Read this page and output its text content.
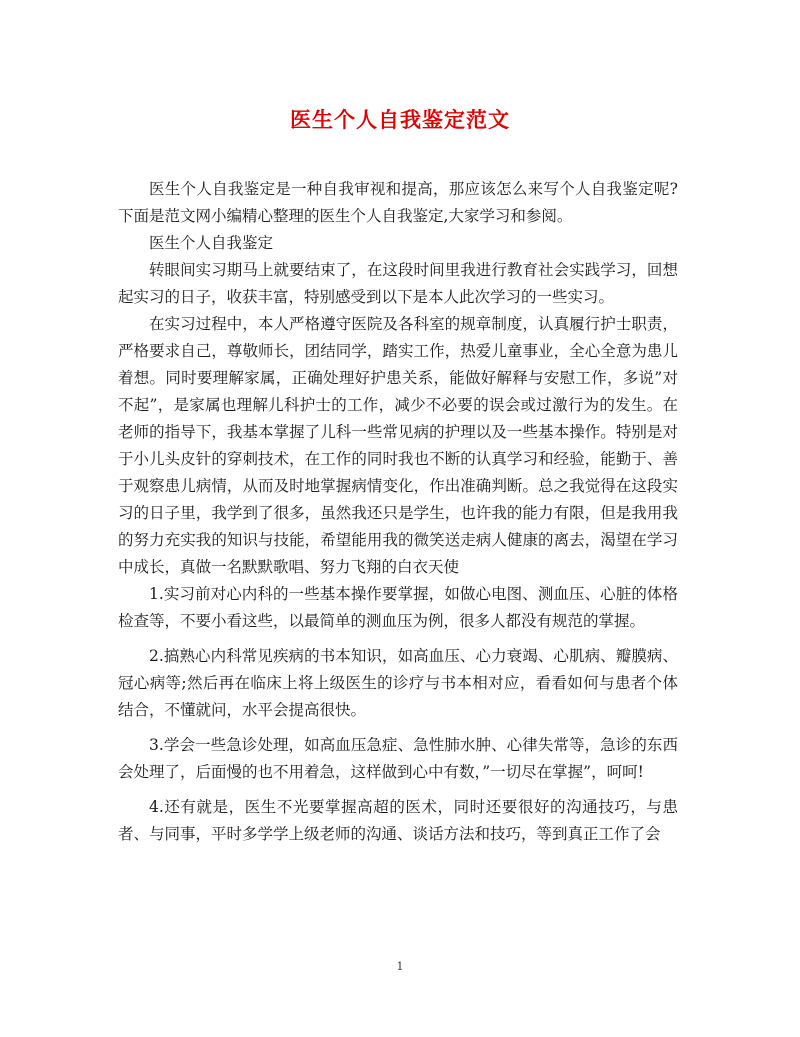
医生个人自我鉴定范文

医生个人自我鉴定是一种自我审视和提高，那应该怎么来写个人自我鉴定呢?下面是范文网小编精心整理的医生个人自我鉴定,大家学习和参阅。

医生个人自我鉴定

转眼间实习期马上就要结束了，在这段时间里我进行教育社会实践学习，回想起实习的日子，收获丰富，特别感受到以下是本人此次学习的一些实习。

在实习过程中，本人严格遵守医院及各科室的规章制度，认真履行护士职责，严格要求自己，尊敬师长，团结同学，踏实工作，热爱儿童事业，全心全意为患儿着想。同时要理解家属，正确处理好护患关系，能做好解释与安慰工作，多说”对不起”，是家属也理解儿科护士的工作，减少不必要的误会或过激行为的发生。在老师的指导下，我基本掌握了儿科一些常见病的护理以及一些基本操作。特别是对于小儿头皮针的穿刺技术，在工作的同时我也不断的认真学习和经验，能勤于、善于观察患儿病情，从而及时地掌握病情变化，作出准确判断。总之我觉得在这段实习的日子里，我学到了很多，虽然我还只是学生，也许我的能力有限，但是我用我的努力充实我的知识与技能，希望能用我的微笑送走病人健康的离去，渴望在学习中成长，真做一名默默歌唱、努力飞翔的白衣天使

1.实习前对心内科的一些基本操作要掌握，如做心电图、测血压、心脏的体格检查等，不要小看这些，以最简单的测血压为例，很多人都没有规范的掌握。

2.搞熟心内科常见疾病的书本知识，如高血压、心力衰竭、心肌病、瓣膜病、冠心病等;然后再在临床上将上级医生的诊疗与书本相对应，看看如何与患者个体结合，不懂就问，水平会提高很快。

3.学会一些急诊处理，如高血压急症、急性肺水肿、心律失常等，急诊的东西会处理了，后面慢的也不用着急，这样做到心中有数，”一切尽在掌握”，呵呵!

4.还有就是，医生不光要掌握高超的医术，同时还要很好的沟通技巧，与患者、与同事，平时多学学上级老师的沟通、谈话方法和技巧，等到真正工作了会

1
